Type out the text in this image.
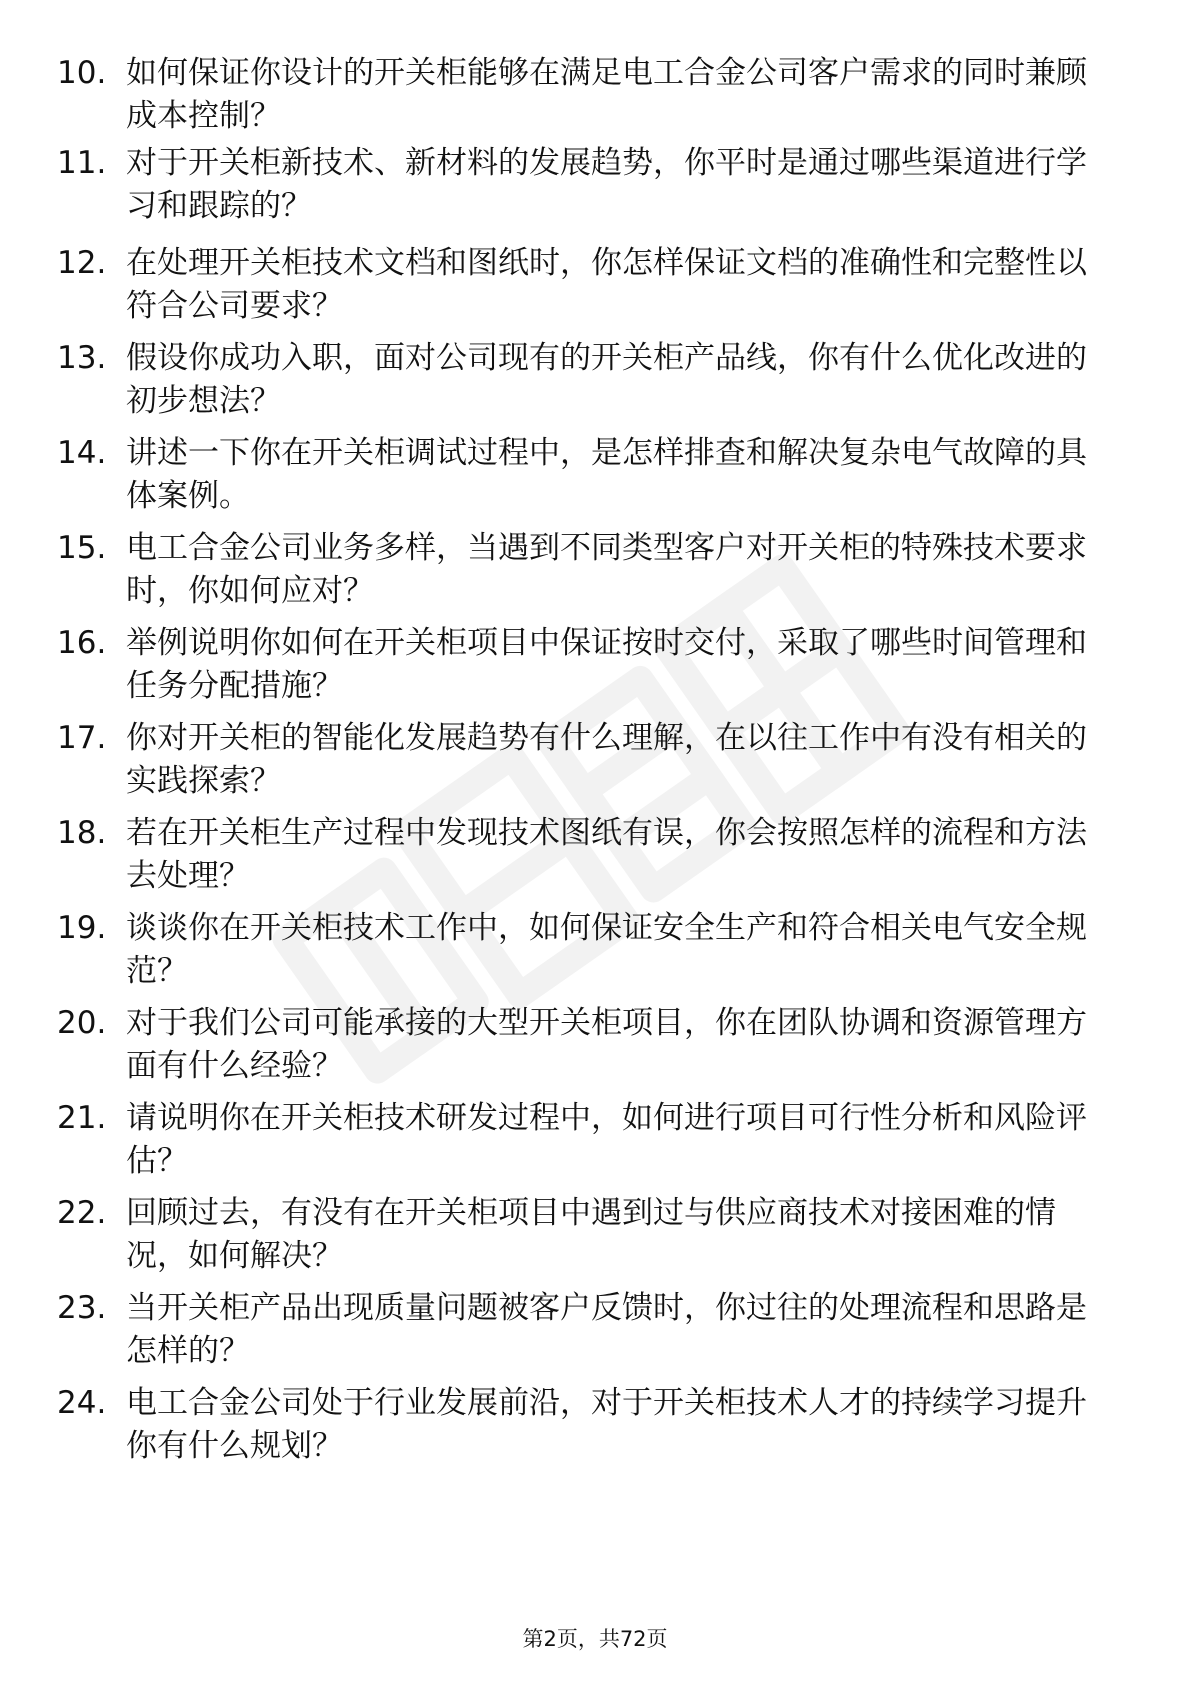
10. 如何保证你设计的开关柜能够在满足电工合金公司客户需求的同时兼顾成本控制？
11. 对于开关柜新技术、新材料的发展趋势，你平时是通过哪些渠道进行学习和跟踪的？
12. 在处理开关柜技术文档和图纸时，你怎样保证文档的准确性和完整性以符合公司要求？
13. 假设你成功入职，面对公司现有的开关柜产品线，你有什么优化改进的初步想法？
14. 讲述一下你在开关柜调试过程中，是怎样排查和解决复杂电气故障的具体案例。
15. 电工合金公司业务多样，当遇到不同类型客户对开关柜的特殊技术要求时，你如何应对？
16. 举例说明你如何在开关柜项目中保证按时交付，采取了哪些时间管理和任务分配措施？
17. 你对开关柜的智能化发展趋势有什么理解，在以往工作中有没有相关的实践探索？
18. 若在开关柜生产过程中发现技术图纸有误，你会按照怎样的流程和方法去处理？
19. 谈谈你在开关柜技术工作中，如何保证安全生产和符合相关电气安全规范？
20. 对于我们公司可能承接的大型开关柜项目，你在团队协调和资源管理方面有什么经验？
21. 请说明你在开关柜技术研发过程中，如何进行项目可行性分析和风险评估？
22. 回顾过去，有没有在开关柜项目中遇到过与供应商技术对接困难的情况，如何解决？
23. 当开关柜产品出现质量问题被客户反馈时，你过往的处理流程和思路是怎样的？
24. 电工合金公司处于行业发展前沿，对于开关柜技术人才的持续学习提升你有什么规划？
第2页，共72页
